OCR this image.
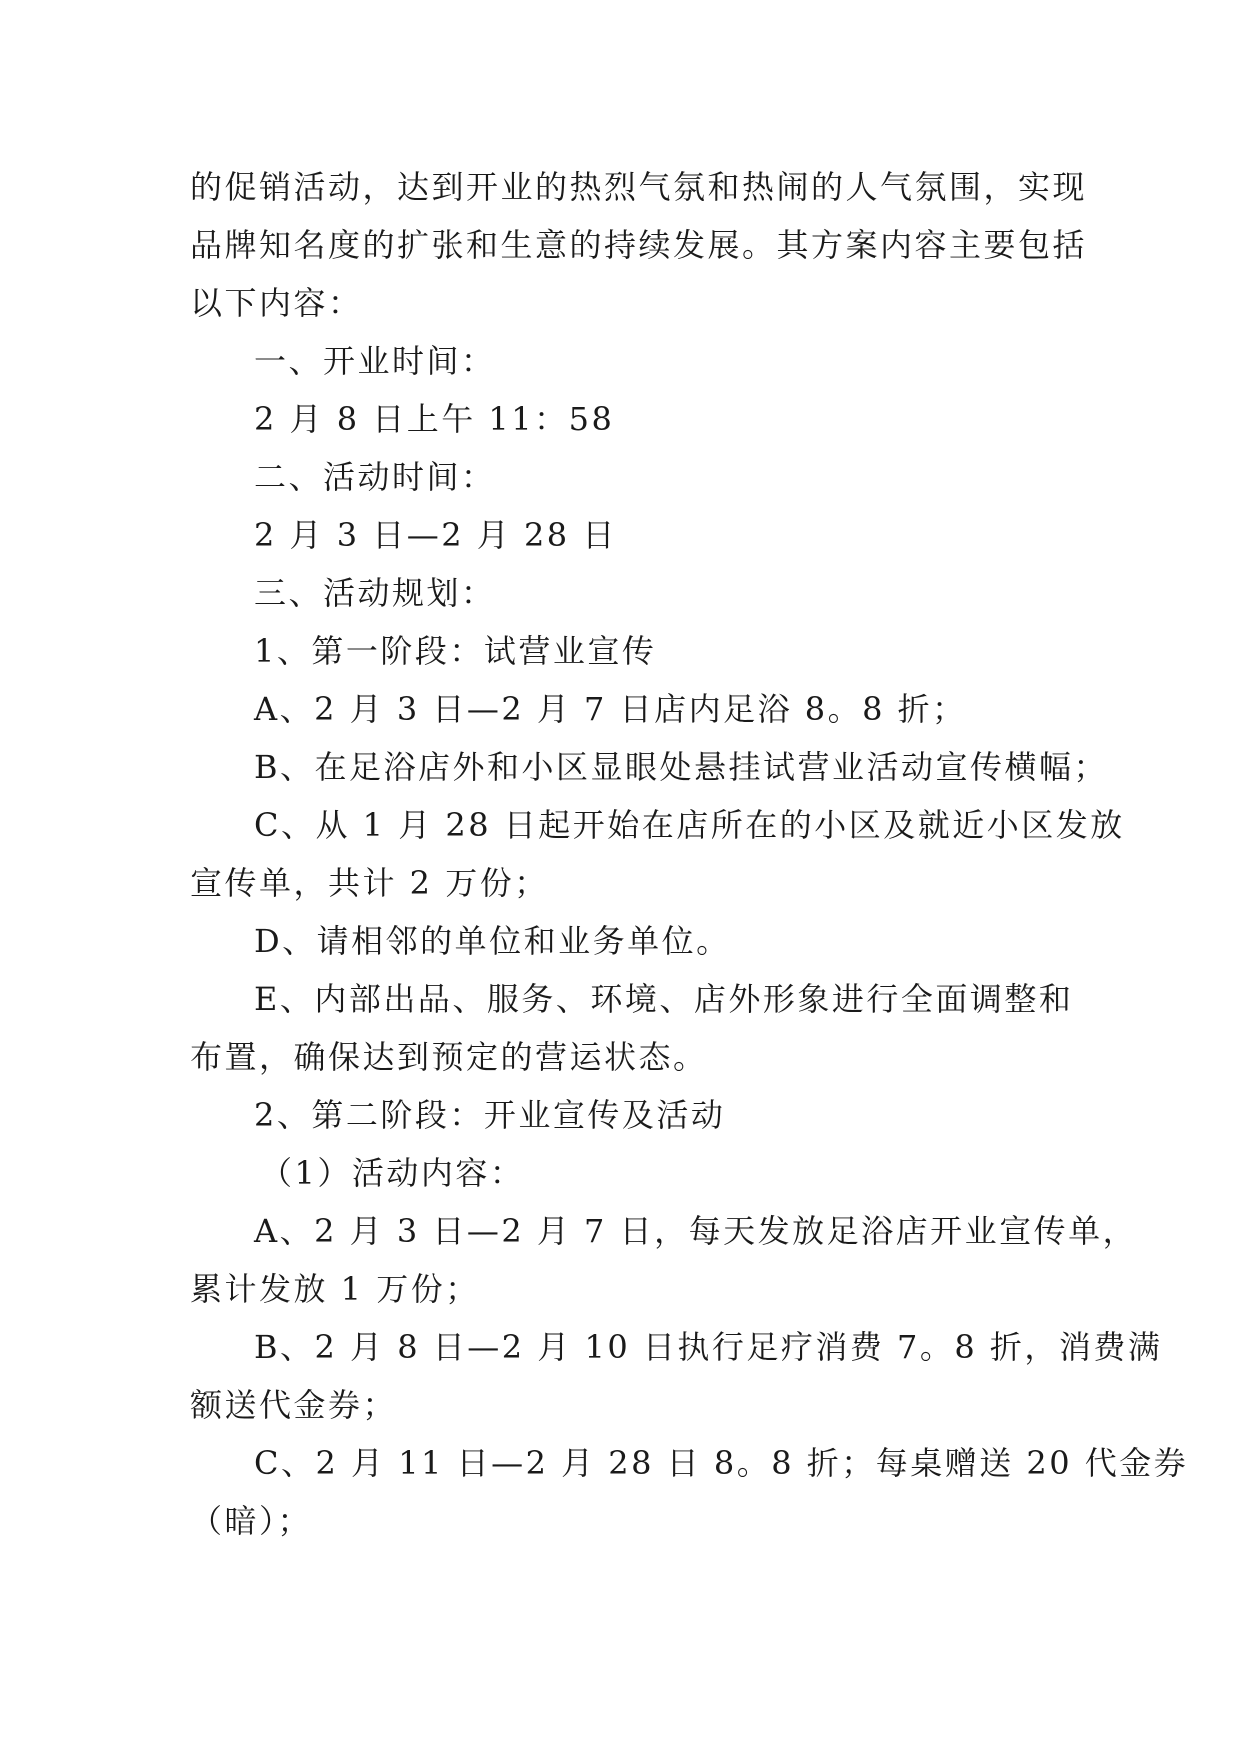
的促销活动，达到开业的热烈气氛和热闹的人气氛围，实现
品牌知名度的扩张和生意的持续发展。其方案内容主要包括
以下内容：
一、开业时间：
2 月 8 日上午 11：58
二、活动时间：
2 月 3 日—2 月 28 日
三、活动规划：
1、第一阶段：试营业宣传
A、2 月 3 日—2 月 7 日店内足浴 8。8 折；
B、在足浴店外和小区显眼处悬挂试营业活动宣传横幅；
C、从 1 月 28 日起开始在店所在的小区及就近小区发放
宣传单，共计 2 万份；
D、请相邻的单位和业务单位。
E、内部出品、服务、环境、店外形象进行全面调整和
布置，确保达到预定的营运状态。
2、第二阶段：开业宣传及活动
（1）活动内容：
A、2 月 3 日—2 月 7 日，每天发放足浴店开业宣传单，
累计发放 1 万份；
B、2 月 8 日—2 月 10 日执行足疗消费 7。8 折，消费满
额送代金券；
C、2 月 11 日—2 月 28 日 8。8 折；每桌赠送 20 代金券
（暗）；
